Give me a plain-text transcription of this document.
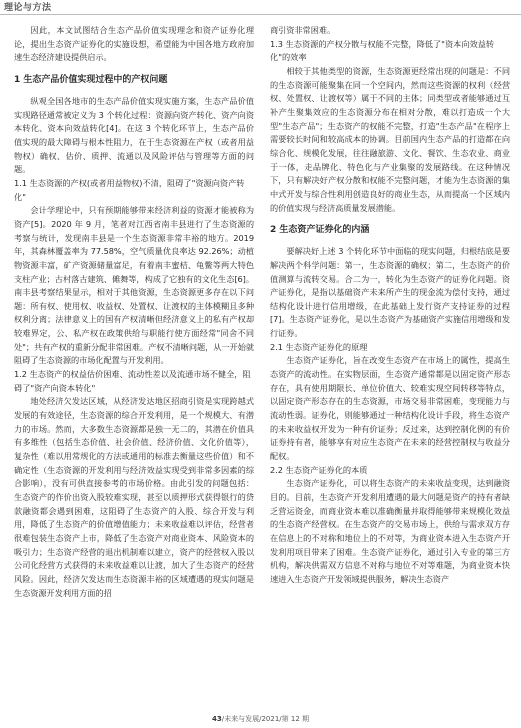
理论与方法

因此，本文试图结合生态产品价值实现理念和资产证券化理论，提出生态资产证券化的实施设想，希望能为中国各地方政府加速生态经济建设提供启示。

1 生态产品价值实现过程中的产权问题

纵观全国各地市的生态产品价值实现实施方案，生态产品价值实现路径通常被定义为 3 个转化过程：资源向资产转化、资产向资本转化、资本向效益转化[4]。在这 3 个转化环节上，生态产品价值实现的最大障碍与根本性阻力，在于生态资源在产权（或者用益物权）确权、估价、质押、流通以及风险评估与管理等方面的问题。

1.1 生态资源的产权(或者用益物权)不清，阻碍了"资源向资产转化"

会计学理论中，只有预期能够带来经济利益的资源才能被称为资产[5]。2020 年 9 月，笔者对江西省南丰县进行了生态资源的考察与统计，发现南丰县是一个生态资源非常丰裕的地方。2019 年，其森林覆盖率为 77.58%，空气质量优良率达 92.26%；动植物资源丰富，矿产资源储量富足，有着南丰蜜桔、龟鳖等两大特色支柱产业；古村落古建筑、傩舞等，构成了它独有的文化生态[6]。南丰县考察结果显示，相对于其他资源，生态资源更多存在以下问题：所有权、使用权、收益权、处置权、让渡权的主体模糊且多种权利分离；法律意义上的国有产权清晰但经济意义上的私有产权却较难界定，公、私产权在政策供给与职能行使方面经常"同舍不同处"；共有产权的重新分配非常困难。产权不清晰问题，从一开始就阻碍了生态资源的市场化配置与开发利用。

1.2 生态资产的权益估价困难、流动性差以及流通市场不健全，阻碍了"资产向资本转化"

地处经济欠发达区域，从经济发达地区招商引资是实现跨越式发展的有效途径，生态资源的综合开发利用，是一个规模大、有潜力的市场。然而，大多数生态资源都是独一无二的，其潜在价值具有多维性（包括生态价值、社会价值、经济价值、文化价值等），复杂性（难以用常规化的方法或通用的标准去衡量这些价值）和不确定性（生态资源的开发利用与经济效益实现受到非常多因素的综合影响），没有可供直接参考的市场价格。由此引发的问题包括：生态资产的作价出资入股较难实现，甚至以质押形式获得银行的贷款融资都会遇到困难，这阻碍了生态资产的入股、综合开发与利用，降低了生态资产的价值增值能力；未来收益难以评估，经营者很难包装生态资产上市，降低了生态资产对商业资本、风险资本的吸引力；生态资产经营的退出机制难以建立，资产的经营权入股以公司化经营方式获得的未来收益难以让渡，加大了生态资产的经营风险。因此，经济欠发达而生态资源丰裕的区域遭遇的现实问题是生态资源开发利用方面的招

商引资非常困难。

1.3 生态资源的产权分散与权能不完整，降低了"资本向效益转化"的效率

相较于其他类型的资源，生态资源更经常出现的问题是：不同的生态资源可能聚集在同一个空间内，然而这些资源的权利（经营权、处置权、让渡权等）属于不同的主体；同类型或者能够通过互补产生聚集效应的生态资源分布在相对分散，难以打造成一个大型"生态产品"；生态资产的权能不完整，打造"生态产品"在程序上需要较长时间和较高成本的协调。目前国内生态产品的打造都在向综合化、规模化发展，往往融旅游、文化、餐饮、生态农业、商业于一体，走品牌化、特色化与产业集聚的发展路线。在这种情况下，只有解决好产权分散和权能不完整问题，才能为生态资源的集中式开发与综合性利用创造良好的商业生态，从而提高一个区域内的价值实现与经济高质量发展潜能。

2 生态资产证券化的内涵

要解决好上述 3 个转化环节中面临的现实问题，归根结底是要解决两个科学问题：第一，生态资源的确权；第二，生态资产的价值测算与流转交易。合二为一，转化为生态资产的证券化问题。资产证券化，是指以基础资产未来所产生的现金流为偿付支持，通过结构化设计进行信用增级，在此基础上发行资产支持证券的过程[7]。生态资产证券化，是以生态资产为基础资产实施信用增级和发行证券。

2.1 生态资产证券化的原理

生态资产证券化，旨在改变生态资产在市场上的属性，提高生态资产的流动性。在实物层面，生态资产通常都是以固定资产形态存在，具有使用期限长、单位价值大、较难实现空间转移等特点，以固定资产形态存在的生态资源，市场交易非常困难，变现能力与流动性弱。证券化，则能够通过一种结构化设计手段，将生态资产的未来收益权开发为一种有价证券；反过来，达到控制化例的有价证券持有者，能够享有对应生态资产在未来的经营控制权与收益分配权。

2.2 生态资产证券化的本质

生态资产证券化，可以将生态资产的未来收益变现，达到融资目的。目前，生态资产开发利用遭遇的最大问题是资产的持有者缺乏营运资金，而商业资本难以准确衡量并取得能够带来规模化效益的生态资产经营权。在生态资产的交易市场上，供给与需求双方存在信息上的不对称和地位上的不对等，为商业资本进入生态资产开发利用项目带来了困难。生态资产证券化，通过引入专业的第三方机构，解决供需双方信息不对称与地位不对等难题，为商业资本快速进入生态资产开发领域提供服务，解决生态资产

43/未来与发展/2021/第 12 期
